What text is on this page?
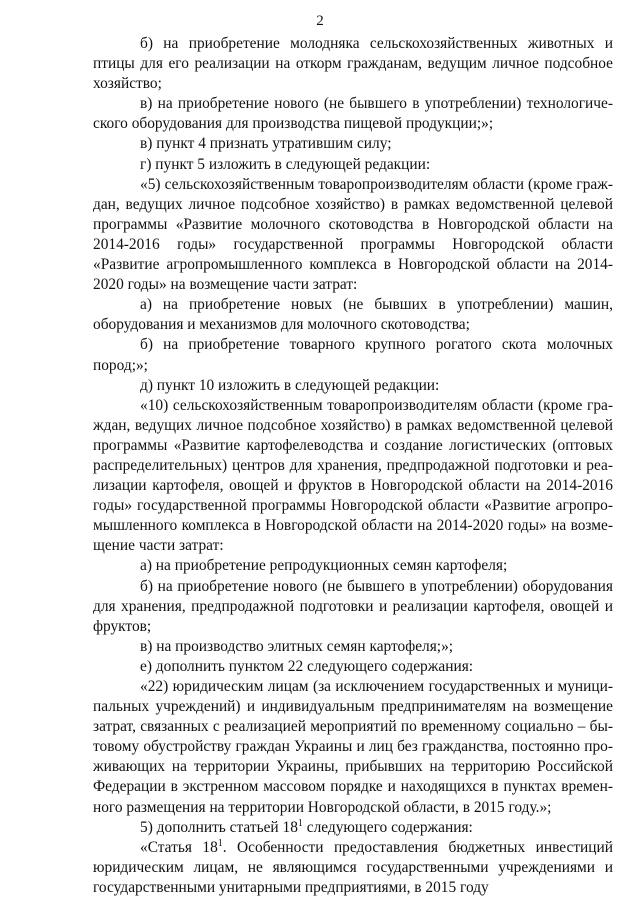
2

б) на приобретение молодняка сельскохозяйственных животных и птицы для его реализации на откорм гражданам, ведущим личное подсобное хозяйство;

в) на приобретение нового (не бывшего в употреблении) технологического оборудования для производства пищевой продукции;»;

в) пункт 4 признать утратившим силу;

г) пункт 5 изложить в следующей редакции:

«5) сельскохозяйственным товаропроизводителям области (кроме граждан, ведущих личное подсобное хозяйство) в рамках ведомственной целевой программы «Развитие молочного скотоводства в Новгородской области на 2014-2016 годы» государственной программы Новгородской области «Развитие агропромышленного комплекса в Новгородской области на 2014-2020 годы» на возмещение части затрат:

а) на приобретение новых (не бывших в употреблении) машин, оборудования и механизмов для молочного скотоводства;

б) на приобретение товарного крупного рогатого скота молочных пород;»;

д) пункт 10 изложить в следующей редакции:

«10) сельскохозяйственным товаропроизводителям области (кроме граждан, ведущих личное подсобное хозяйство) в рамках ведомственной целевой программы «Развитие картофелеводства и создание логистических (оптовых распределительных) центров для хранения, предпродажной подготовки и реализации картофеля, овощей и фруктов в Новгородской области на 2014-2016 годы» государственной программы Новгородской области «Развитие агропромышленного комплекса в Новгородской области на 2014-2020 годы» на возмещение части затрат:

а) на приобретение репродукционных семян картофеля;

б) на приобретение нового (не бывшего в употреблении) оборудования для хранения, предпродажной подготовки и реализации картофеля, овощей и фруктов;

в) на производство элитных семян картофеля;»;

е) дополнить пунктом 22 следующего содержания:

«22) юридическим лицам (за исключением государственных и муниципальных учреждений) и индивидуальным предпринимателям на возмещение затрат, связанных с реализацией мероприятий по временному социально – бытовому обустройству граждан Украины и лиц без гражданства, постоянно проживающих на территории Украины, прибывших на территорию Российской Федерации в экстренном массовом порядке и находящихся в пунктах временного размещения на территории Новгородской области, в 2015 году.»;

5) дополнить статьей $18^1$ следующего содержания:

«Статья $18^1$. Особенности предоставления бюджетных инвестиций юридическим лицам, не являющимся государственными учреждениями и государственными унитарными предприятиями, в 2015 году
